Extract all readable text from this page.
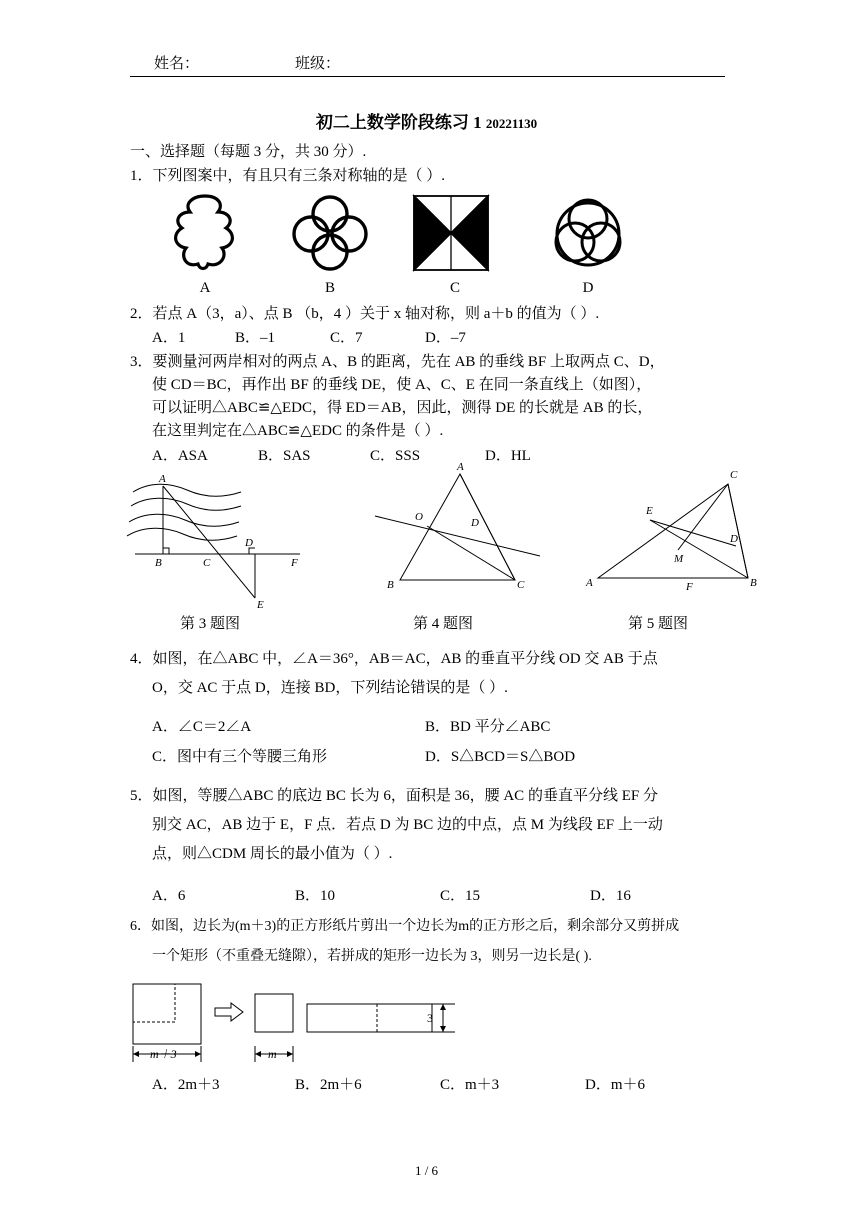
姓名：	班级：
初二上数学阶段练习 1 20221130
一、选择题（每题 3 分，共 30 分）.
1．下列图案中，有且只有三条对称轴的是（ ）.
A	B	C	D
2．若点 A（3，a）、点 B （b，4 ）关于 x 轴对称，则 a＋b 的值为（ ）.
A．1	B．–1	C．7	D．–7
3．要测量河两岸相对的两点 A、B 的距离，先在 AB 的垂线 BF 上取两点 C、D，
使 CD＝BC，再作出 BF 的垂线 DE，使 A、C、E 在同一条直线上（如图），
可以证明△ABC≌△EDC，得 ED＝AB，因此，测得 DE 的长就是 AB 的长，
在这里判定在△ABC≌△EDC 的条件是（ ）.
A．ASA	B．SAS	C．SSS	D．HL
A
B	C
D
F
E
A
O	D
B	C
C
E
D
M
A	F	B
第 3 题图	第 4 题图	第 5 题图
4．如图，在△ABC 中，∠A＝36°，AB＝AC，AB 的垂直平分线 OD 交 AB 于点
O，交 AC 于点 D，连接 BD，下列结论错误的是（ ）.
A．∠C＝2∠A	B．BD 平分∠ABC
C．图中有三个等腰三角形	D．S△BCD＝S△BOD
5．如图，等腰△ABC 的底边 BC 长为 6，面积是 36，腰 AC 的垂直平分线 EF 分
别交 AC，AB 边于 E，F 点．若点 D 为 BC 边的中点，点 M 为线段 EF 上一动
点，则△CDM 周长的最小值为（ ）.
A．6	B．10	C．15	D．16
6．如图，边长为(m＋3)的正方形纸片剪出一个边长为m的正方形之后，剩余部分又剪拼成
一个矩形（不重叠无缝隙），若拼成的矩形一边长为 3，则另一边长是( ).
m＋3	m
3
A．2m＋3	B．2m＋6	C．m＋3	D．m＋6
1 / 6
